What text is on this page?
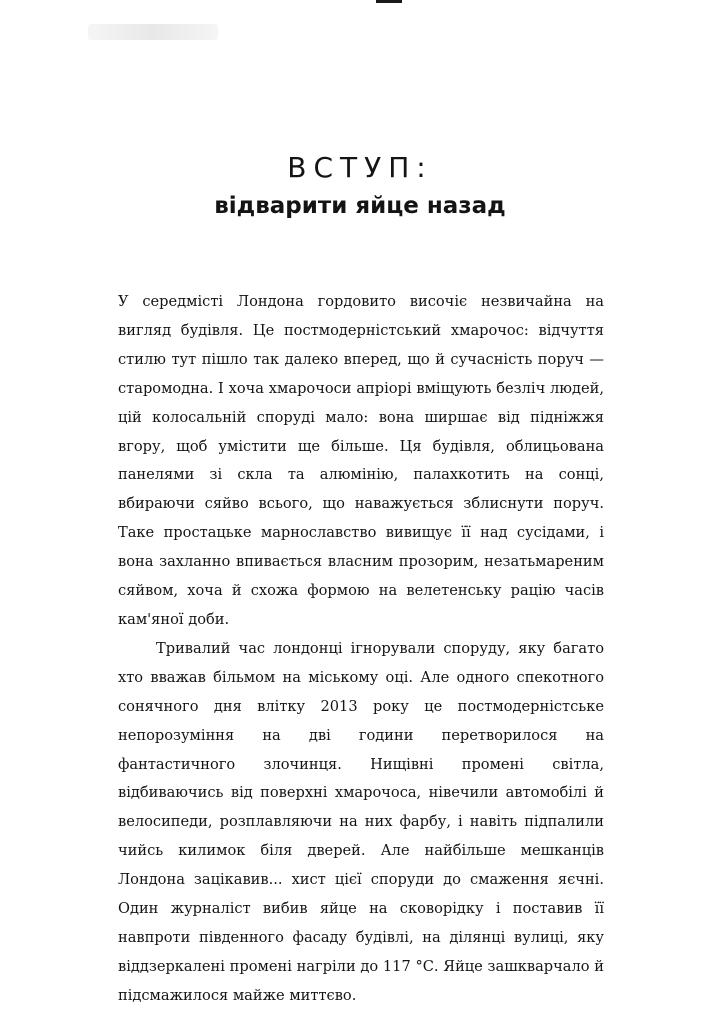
ВСТУП:
відварити яйце назад

У середмісті Лондона гордовито височіє незвичайна на вигляд будівля. Це постмодерністський хмарочос: відчуття стилю тут пішло так далеко вперед, що й сучасність поруч — старомодна. І хоча хмарочоси апріорі вміщують безліч людей, цій колосальній споруді мало: вона ширшає від підніжжя вгору, щоб умістити ще більше. Ця будівля, облицьована панелями зі скла та алюмінію, палахкотить на сонці, вбираючи сяйво всього, що наважується зблиснути поруч. Таке простацьке марнославство вивищує її над сусідами, і вона захланно впивається власним прозорим, незатьмареним сяйвом, хоча й схожа формою на велетенську рацію часів кам'яної доби.

Тривалий час лондонці ігнорували споруду, яку багато хто вважав більмом на міському оці. Але одного спекотного сонячного дня влітку 2013 року це постмодерністське непорозуміння на дві години перетворилося на фантастичного злочинця. Нищівні промені світла, відбиваючись від поверхні хмарочоса, нівечили автомобілі й велосипеди, розплавляючи на них фарбу, і навіть підпалили чийсь килимок біля дверей. Але найбільше мешканців Лондона зацікавив... хист цієї споруди до смаження яєчні. Один журналіст вибив яйце на сковорідку і поставив її навпроти південного фасаду будівлі, на ділянці вулиці, яку віддзеркалені промені нагріли до 117 °С. Яйце зашкварчало й підсмажилося майже миттєво.
